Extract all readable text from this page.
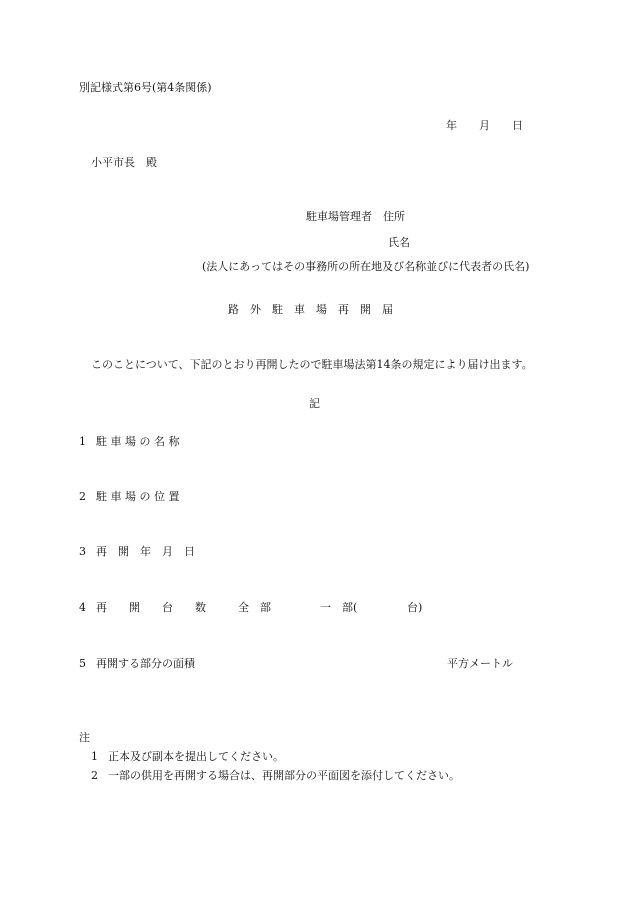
別記様式第6号(第4条関係)
年　　月　　日
小平市長　殿
駐車場管理者　住所
氏名
(法人にあってはその事務所の所在地及び名称並びに代表者の氏名)
路　外　駐　車　場　再　開　届
このことについて、下記のとおり再開したので駐車場法第14条の規定により届け出ます。
記
1 駐 車 場 の 名 称
2 駐 車 場 の 位 置
3 再　開　年　月　日
4 再　　開　　台　　数	全　部	一　部(	台)
5 再開する部分の面積	平方メートル
注
1 正本及び副本を提出してください。
2 一部の供用を再開する場合は、再開部分の平面図を添付してください。
